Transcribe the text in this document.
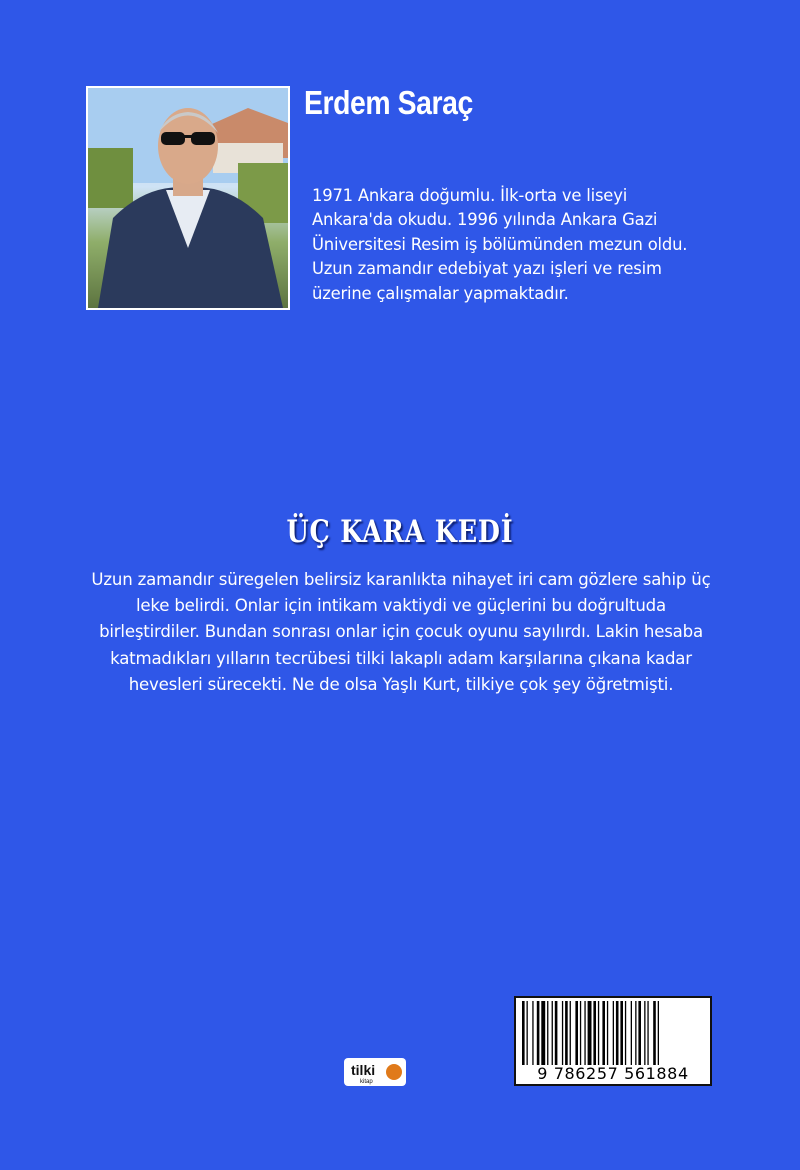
Erdem Saraç
1971 Ankara doğumlu. İlk-orta ve liseyi Ankara'da okudu. 1996 yılında Ankara Gazi Üniversitesi Resim iş bölümünden mezun oldu. Uzun zamandır edebiyat yazı işleri ve resim üzerine çalışmalar yapmaktadır.
ÜÇ KARA KEDİ
Uzun zamandır süregelen belirsiz karanlıkta nihayet iri cam gözlere sahip üç leke belirdi. Onlar için intikam vaktiydi ve güçlerini bu doğrultuda birleştirdiler. Bundan sonrası onlar için çocuk oyunu sayılırdı. Lakin hesaba katmadıkları yılların tecrübesi tilki lakaplı adam karşılarına çıkana kadar hevesleri sürecekti. Ne de olsa Yaşlı Kurt, tilkiye çok şey öğretmişti.
tilki
kitap	9 786257 561884
